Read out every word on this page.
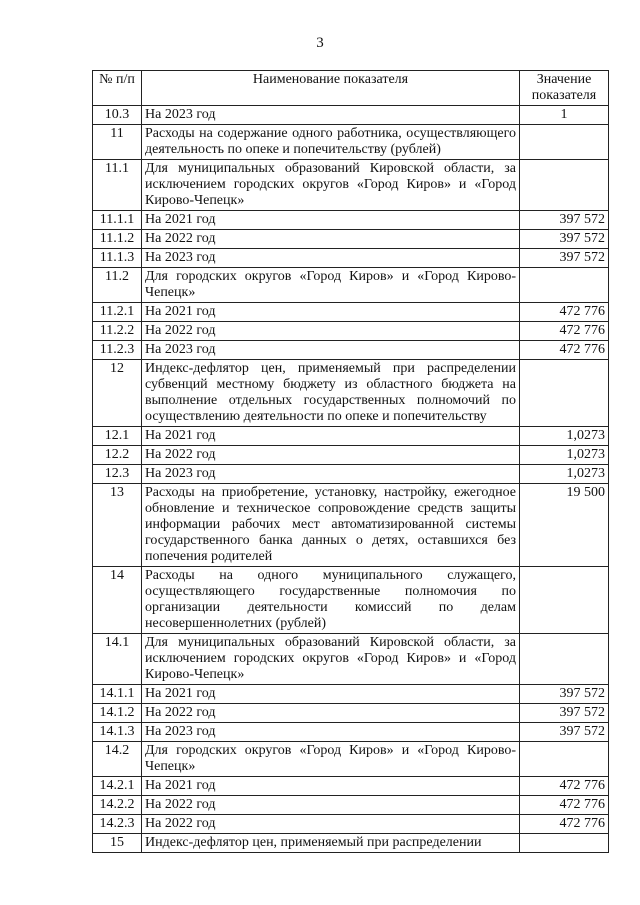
3
№ п/п	Наименование показателя	Значение показателя
10.3	На 2023 год	1
11	Расходы на содержание одного работника, осуществляющего деятельность по опеке и попечительству (рублей)	
11.1	Для муниципальных образований Кировской области, за исключением городских округов «Город Киров» и «Город Кирово-Чепецк»	
11.1.1	На 2021 год	397 572
11.1.2	На 2022 год	397 572
11.1.3	На 2023 год	397 572
11.2	Для городских округов «Город Киров» и «Город Кирово-Чепецк»	
11.2.1	На 2021 год	472 776
11.2.2	На 2022 год	472 776
11.2.3	На 2023 год	472 776
12	Индекс-дефлятор цен, применяемый при распределении субвенций местному бюджету из областного бюджета на выполнение отдельных государственных полномочий по осуществлению деятельности по опеке и попечительству	
12.1	На 2021 год	1,0273
12.2	На 2022 год	1,0273
12.3	На 2023 год	1,0273
13	Расходы на приобретение, установку, настройку, ежегодное обновление и техническое сопровождение средств защиты информации рабочих мест автоматизированной системы государственного банка данных о детях, оставшихся без попечения родителей	19 500
14	Расходы на одного муниципального служащего, осуществляющего государственные полномочия по организации деятельности комиссий по делам несовершеннолетних (рублей)	
14.1	Для муниципальных образований Кировской области, за исключением городских округов «Город Киров» и «Город Кирово-Чепецк»	
14.1.1	На 2021 год	397 572
14.1.2	На 2022 год	397 572
14.1.3	На 2023 год	397 572
14.2	Для городских округов «Город Киров» и «Город Кирово-Чепецк»	
14.2.1	На 2021 год	472 776
14.2.2	На 2022 год	472 776
14.2.3	На 2022 год	472 776
15	Индекс-дефлятор цен, применяемый при распределении	
